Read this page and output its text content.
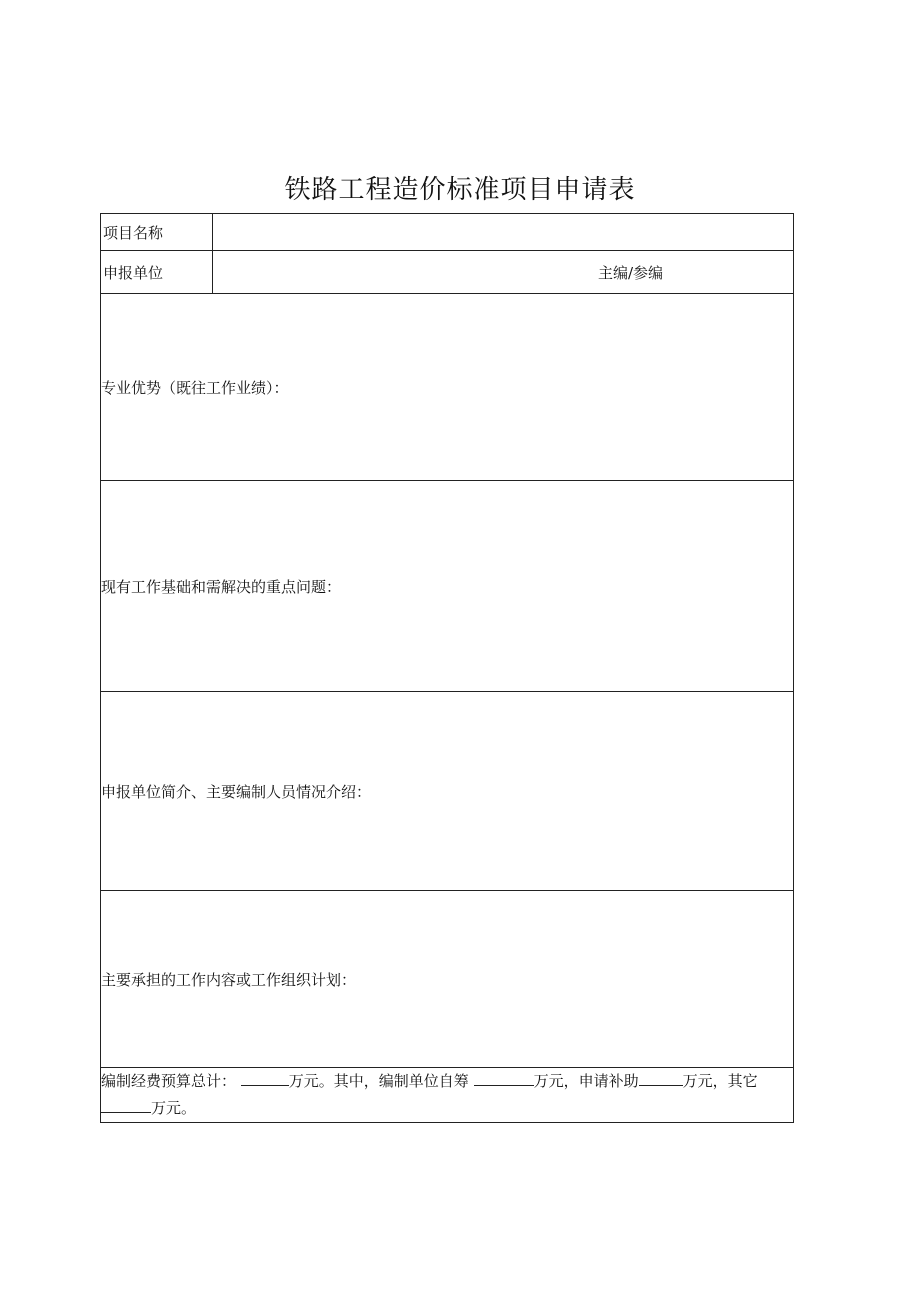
铁路工程造价标准项目申请表
项目名称	
申报单位	主编/参编

专业优势（既往工作业绩）：	
现有工作基础和需解决的重点问题：	
申报单位简介、主要编制人员情况介绍：	
主要承担的工作内容或工作组织计划：	
编制经费预算总计： 万元。其中，编制单位自筹 万元，申请补助 万元，其它万元。	
